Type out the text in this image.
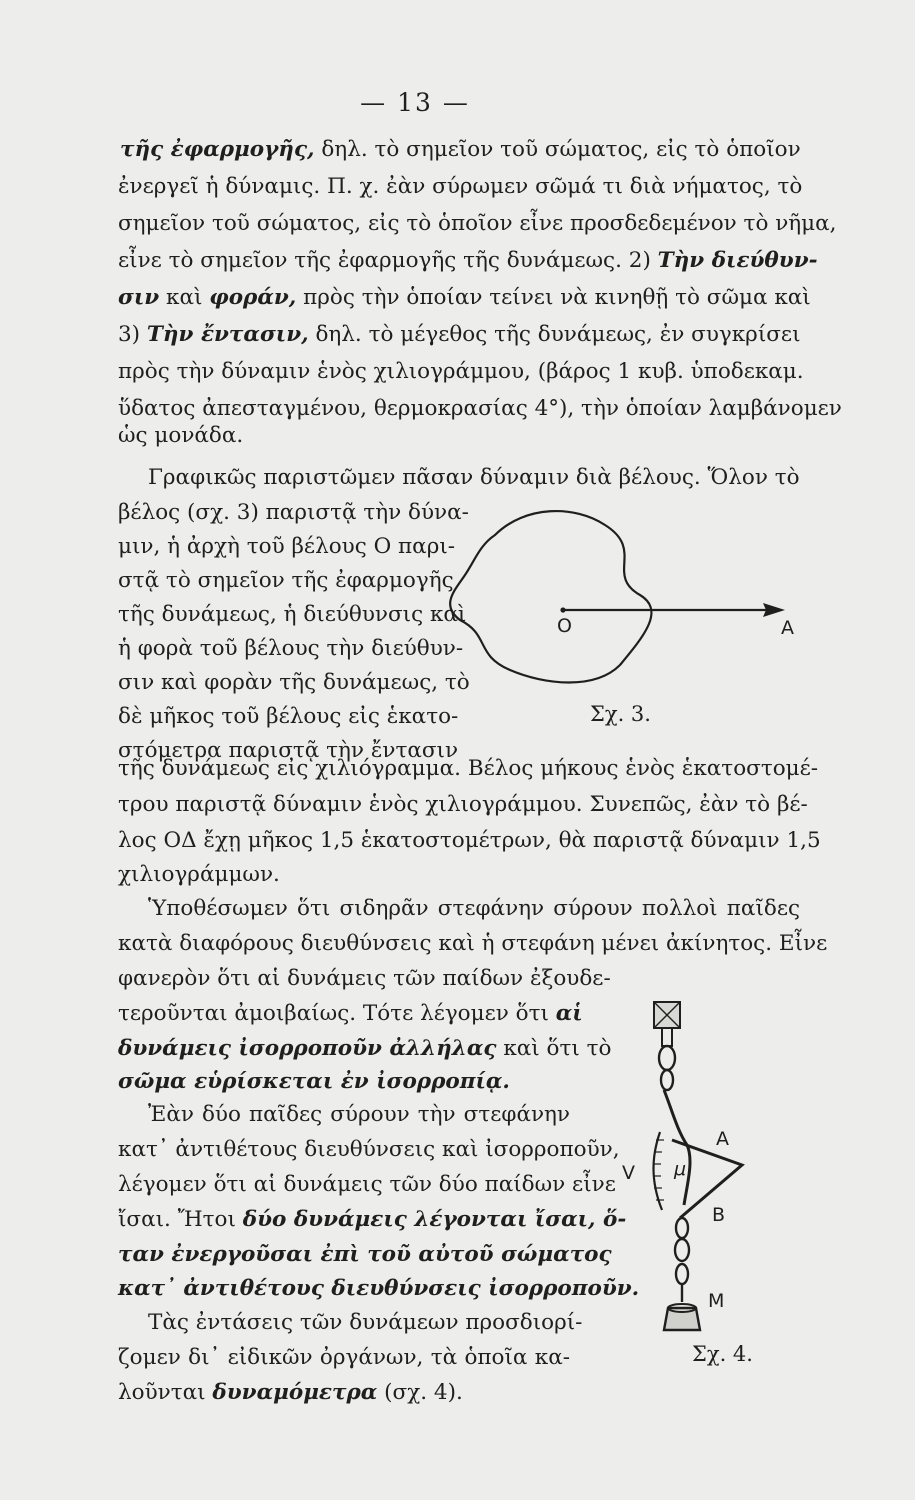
— 13 —
τῆς ἐφαρμογῆς, δηλ. τὸ σημεῖον τοῦ σώματος, εἰς τὸ ὁποῖον
ἐνεργεῖ ἡ δύναμις. Π. χ. ἐὰν σύρωμεν σῶμά τι διὰ νήματος, τὸ
σημεῖον τοῦ σώματος, εἰς τὸ ὁποῖον εἶνε προσδεδεμένον τὸ νῆμα,
εἶνε τὸ σημεῖον τῆς ἐφαρμογῆς τῆς δυνάμεως. 2) Τὴν διεύθυν-
σιν καὶ φοράν, πρὸς τὴν ὁποίαν τείνει νὰ κινηθῇ τὸ σῶμα καὶ
3) Τὴν ἔντασιν, δηλ. τὸ μέγεθος τῆς δυνάμεως, ἐν συγκρίσει
πρὸς τὴν δύναμιν ἑνὸς χιλιογράμμου, (βάρος 1 κυβ. ὑποδεκαμ.
ὕδατος ἀπεσταγμένου, θερμοκρασίας 4°), τὴν ὁποίαν λαμβάνομεν
ὡς μονάδα.
Γραφικῶς παριστῶμεν πᾶσαν δύναμιν διὰ βέλους. Ὅλον τὸ
βέλος (σχ. 3) παριστᾷ τὴν δύνα-
μιν, ἡ ἀρχὴ τοῦ βέλους Ο παρι-
στᾷ τὸ σημεῖον τῆς ἐφαρμογῆς
τῆς δυνάμεως, ἡ διεύθυνσις καὶ
ἡ φορὰ τοῦ βέλους τὴν διεύθυν-
σιν καὶ φορὰν τῆς δυνάμεως, τὸ
δὲ μῆκος τοῦ βέλους εἰς ἑκατο-
στόμετρα παριστᾷ τὴν ἔντασιν
O	A
Σχ. 3.
τῆς δυνάμεως εἰς χιλιόγραμμα. Βέλος μήκους ἑνὸς ἑκατοστομέ-
τρου παριστᾷ δύναμιν ἑνὸς χιλιογράμμου. Συνεπῶς, ἐὰν τὸ βέ-
λος ΟΔ ἔχῃ μῆκος 1,5 ἑκατοστομέτρων, θὰ παριστᾷ δύναμιν 1,5
χιλιογράμμων.
Ὑποθέσωμεν ὅτι σιδηρᾶν στεφάνην σύρουν πολλοὶ παῖδες
κατὰ διαφόρους διευθύνσεις καὶ ἡ στεφάνη μένει ἀκίνητος. Εἶνε
φανερὸν ὅτι αἱ δυνάμεις τῶν παίδων ἐξουδε-
τεροῦνται ἀμοιβαίως. Τότε λέγομεν ὅτι αἱ
δυνάμεις ἰσορροποῦν ἀλλήλας καὶ ὅτι τὸ
σῶμα εὑρίσκεται ἐν ἰσορροπίᾳ.
Ἐὰν δύο παῖδες σύρουν τὴν στεφάνην
κατ᾽ ἀντιθέτους διευθύνσεις καὶ ἰσορροποῦν,
λέγομεν ὅτι αἱ δυνάμεις τῶν δύο παίδων εἶνε
ἴσαι. Ἤτοι δύο δυνάμεις λέγονται ἴσαι, ὅ-
ταν ἐνεργοῦσαι ἐπὶ τοῦ αὐτοῦ σώματος
κατ᾽ ἀντιθέτους διευθύνσεις ἰσορροποῦν.
Τὰς ἐντάσεις τῶν δυνάμεων προσδιορί-
ζομεν δι᾽ εἰδικῶν ὀργάνων, τὰ ὁποῖα κα-
λοῦνται δυναμόμετρα (σχ. 4).
A
V μ
B
M
Σχ. 4.
